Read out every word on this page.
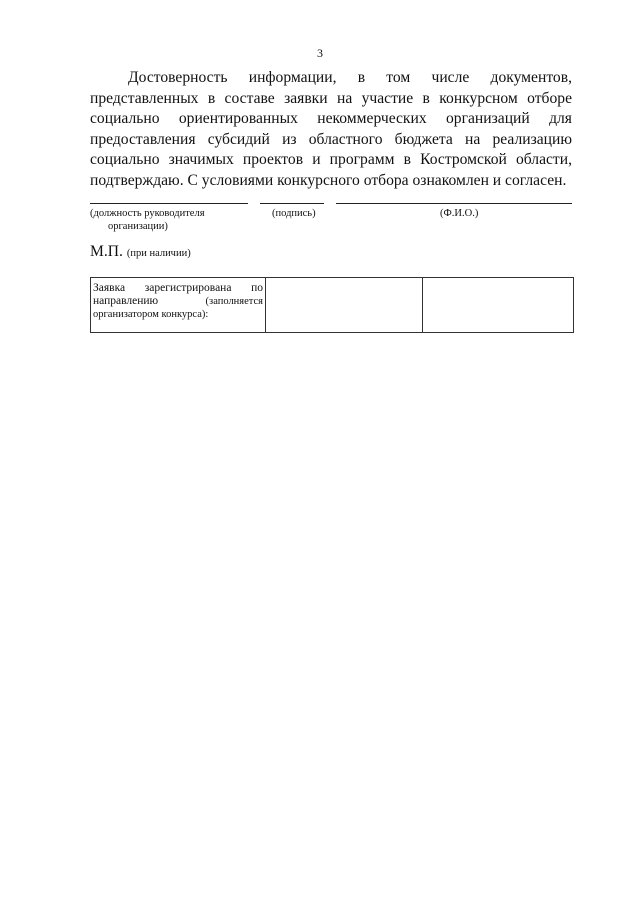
3
Достоверность информации, в том числе документов,
представленных в составе заявки на участие в конкурсном отборе
социально ориентированных некоммерческих организаций для
предоставления субсидий из областного бюджета на реализацию
социально значимых проектов и программ в Костромской области,
подтверждаю. С условиями конкурсного отбора ознакомлен и согласен.
(должность руководителя
организации)
(подпись)	(Ф.И.О.)
М.П. (при наличии)
Заявка зарегистрирована по
направлению	(заполняется
организатором конкурса):
